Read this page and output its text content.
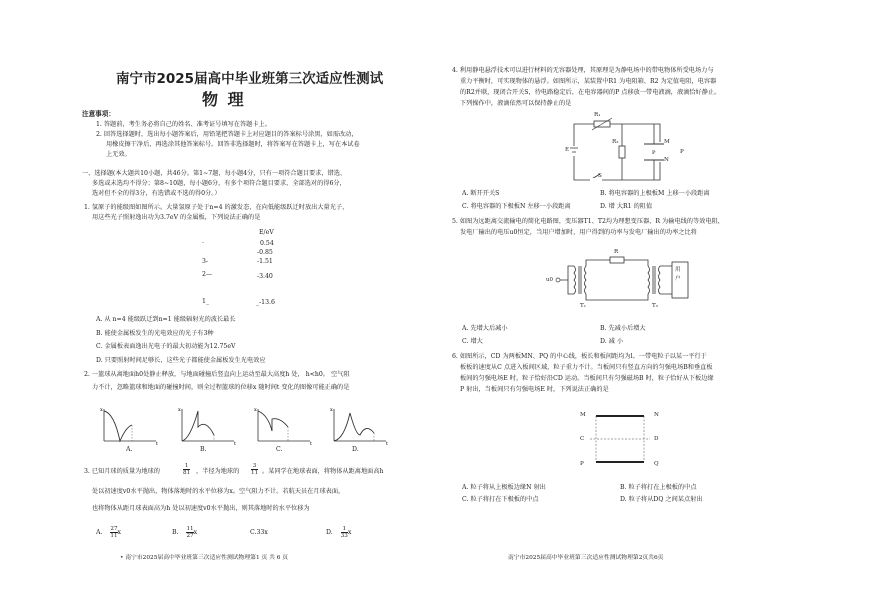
南宁市2025届高中毕业班第三次适应性测试
物 理
注意事项：
1. 答题前，考生务必将自己的姓名、准考证号填写在答题卡上。
2. 回答选择题时，选出每小题答案后，用铅笔把答题卡上对应题目的答案标号涂黑，如需改动，
用橡皮擦干净后，再选涂其他答案标号。回答非选择题时，将答案写在答题卡上，写在本试卷
上无效。
一、选择题(本大题共10小题，共46分。第1~7题，每小题4分，只有一项符合题目要求，错选、
多选或未选均不得分；第8~10题，每小题6分，有多个项符合题目要求，全部选对的得6分，
选对但不全的得3分，有选错或不选的得0分。）
1. 氢原子的能级图如图所示。大量氢原子处于n=4 的激发态，在向低能级跃迁时放出大量光子，
用这些光子照射逸出功为3.7eV 的金属板，下列说法正确的是
E/eV
·	0.54
-0.85
3-	-1.51
2—	-3.40
1_	_-13.6
A. 从 n=4 能级跃迁到n=1 能级辐射光的波长最长
B. 能使金属板发生的光电效应的光子有3种
C. 金属板表面逸出光电子的最大初动能为12.75eV
D. 只要照射时间足够长，这些光子都能使金属板发生光电效应
2. 一篮球从离地面h0处静止释放，与地面碰撞后竖直向上运动至最大高度h 处， h<h0。 空气阻
力不计，忽略篮球和地面的碰撞时间，则全过程篮球的位移x 随时间t 变化的图像可能正确的是
x
t
A.
x
t
B.
x
t
C.
x
t
D.
3. 已知月球的质量为地球的	$\frac{1}{81}$ ，半径为地球的 $\frac{3}{11}$ 。某同学在地球表面，将物体从距离地面高h
处以初速度v0水平抛出，物体落地时的水平位移为x。空气阻力不计。若航天员在月球表面，
也将物体从距月球表面高为h 处以初速度v0水平抛出，则其落地时的水平位移为
A. $\frac{27}{11}$ x	B. $\frac{11}{27}$ x	C.33x	D. $\frac{1}{33}$ x
• 南宁市2025届高中毕业班第三次适应性测试物理第1 页 共 6 页
4. 利用静电悬浮技术可以进行材料的无容器处理，其原理是为静电场中的带电物体所受电场力与
重力平衡时，可实现物体的悬浮。如图所示，某装置中R1 为电阻箱、R2 为定值电阻，电容器
的R2并联，现闭合开关S，待电路稳定后，在电容器间的P 点移放一带电液滴，液滴恰好静止。
下列操作中，液滴依然可以保持静止的是
P
R₁
R₂
E
S
M
N
P
A. 断开开关S	B. 将电容器的上极板M 上移一小段距离
C. 将电容器的下极板N 左移一小段距离	D. 增 大R1 的阻值
5. 如图为远距离交流输电的简化电路图，变压器T1、T2均为理想变压器，R 为输电线的等效电阻，
发电厂输出的电压u0恒定，当用户增加时，用户得到的功率与发电厂输出的功率之比将
u0
R
T₁	T₂
用户
A. 先增大后减小	B. 先减小后增大
C. 增大	D. 减 小
6. 如图所示，CD 为两板MN、PQ 的中心线，板长和板间距均为l。一带电粒子以某一平行于
板板的速度从C 点进入板间区域，粒子重力不计。当板间只有竖直方向的匀强电场B和垂直板
板间的匀强电场E 时，粒子恰好沿CD 运动。当板间只有匀强磁场B 时，粒子恰好从下板边缘
P 射出，当板间只有匀强电场E 时，下列说法正确的是
M	N
C	D
P	Q
A. 粒子将从上极板边缘N 射出	B. 粒子将打在上极板的中点
C. 粒子将打在下极板的中点	D. 粒子将从DQ 之间某点射出
南宁市2025届高中毕业班第三次适应性测试物理第2页共6页
